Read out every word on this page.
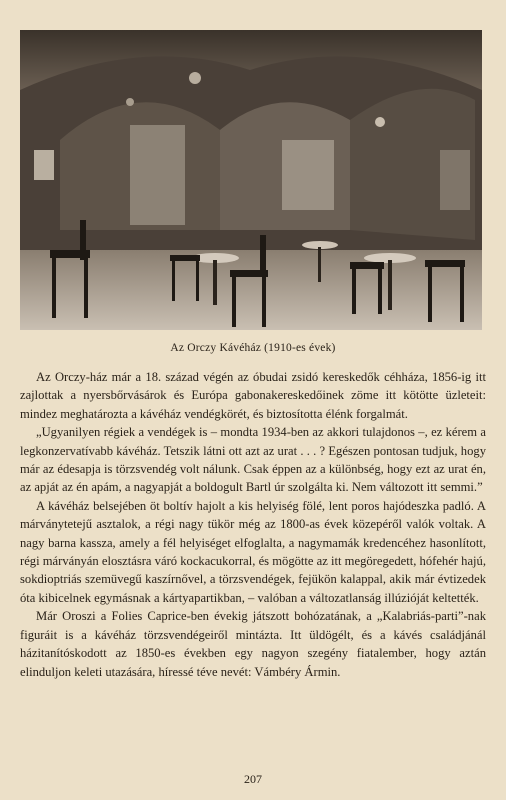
Az Orczy Kávéház (1910-es évek)

Az Orczy-ház már a 18. század végén az óbudai zsidó kereskedők céhháza, 1856-ig itt zajlottak a nyersbőrvásárok és Európa gabonakereskedőinek zöme itt kötötte üzleteit: mindez meghatározta a kávéház vendégkörét, és biztosította élénk forgalmát.

„Ugyanilyen régiek a vendégek is – mondta 1934-ben az akkori tulajdonos –, ez kérem a legkonzervatívabb kávéház. Tetszik látni ott azt az urat . . . ? Egészen pontosan tudjuk, hogy már az édesapja is törzsvendég volt nálunk. Csak éppen az a különbség, hogy ezt az urat én, az apját az én apám, a nagyapját a boldogult Bartl úr szolgálta ki. Nem változott itt semmi.”

A kávéház belsejében öt boltív hajolt a kis helyiség fölé, lent poros hajódeszka padló. A márványtetejű asztalok, a régi nagy tükör még az 1800-as évek közepéről valók voltak. A nagy barna kassza, amely a fél helyiséget elfoglalta, a nagymamák kredencéhez hasonlított, régi márványán elosztásra váró kockacukorral, és mögötte az itt megöregedett, hófehér hajú, sokdioptriás szemüvegű kaszírnővel, a törzsvendégek, fejükön kalappal, akik már évtizedek óta kibicelnek egymásnak a kártyapartikban, – valóban a változatlanság illúzióját keltették.

Már Oroszi a Folies Caprice-ben évekig játszott bohózatának, a „Kalabriás-parti”-nak figuráit is a kávéház törzsvendégeiről mintázta. Itt üldögélt, és a kávés családjánál házitanítóskodott az 1850-es években egy nagyon szegény fiatalember, hogy aztán elinduljon keleti utazására, híressé téve nevét: Vámbéry Ármin.

207
